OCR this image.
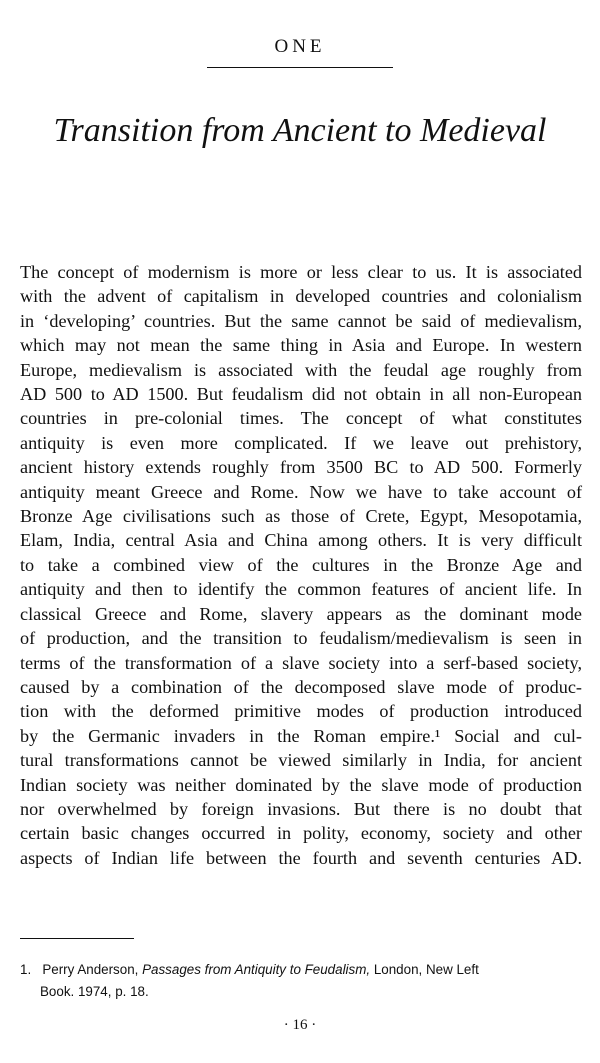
ONE
Transition from Ancient to Medieval
The concept of modernism is more or less clear to us. It is associated
with the advent of capitalism in developed countries and colonialism
in ‘developing’ countries. But the same cannot be said of medievalism,
which may not mean the same thing in Asia and Europe. In western
Europe, medievalism is associated with the feudal age roughly from
AD 500 to AD 1500. But feudalism did not obtain in all non-European
countries in pre-colonial times. The concept of what constitutes
antiquity is even more complicated. If we leave out prehistory,
ancient history extends roughly from 3500 BC to AD 500. Formerly
antiquity meant Greece and Rome. Now we have to take account of
Bronze Age civilisations such as those of Crete, Egypt, Mesopotamia,
Elam, India, central Asia and China among others. It is very difficult
to take a combined view of the cultures in the Bronze Age and
antiquity and then to identify the common features of ancient life. In
classical Greece and Rome, slavery appears as the dominant mode
of production, and the transition to feudalism/medievalism is seen in
terms of the transformation of a slave society into a serf-based society,
caused by a combination of the decomposed slave mode of produc-
tion with the deformed primitive modes of production introduced
by the Germanic invaders in the Roman empire.¹ Social and cul-
tural transformations cannot be viewed similarly in India, for ancient
Indian society was neither dominated by the slave mode of production
nor overwhelmed by foreign invasions. But there is no doubt that
certain basic changes occurred in polity, economy, society and other
aspects of Indian life between the fourth and seventh centuries AD.
1. Perry Anderson, Passages from Antiquity to Feudalism, London, New Left
Book. 1974, p. 18.
· 16 ·
